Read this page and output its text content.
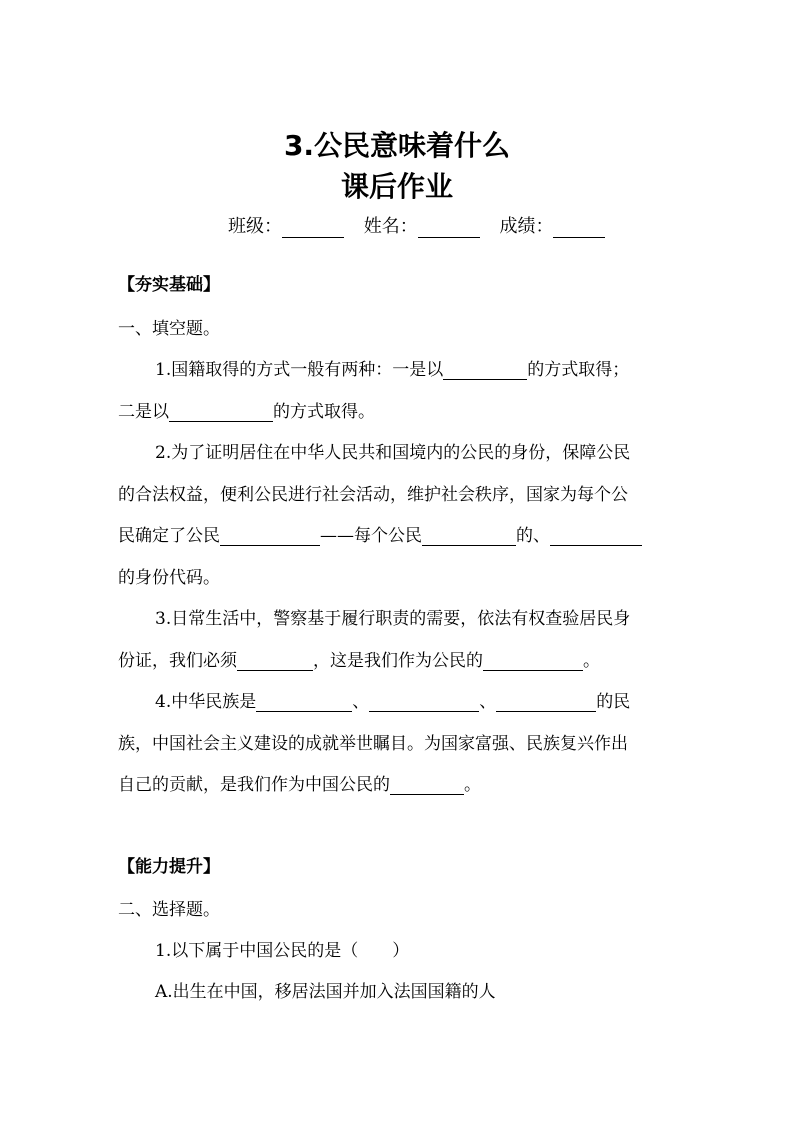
3.公民意味着什么
课后作业
班级：	姓名：	成绩：
【夯实基础】
一、填空题。
1.国籍取得的方式一般有两种：一是以	的方式取得；
二是以	的方式取得。
2.为了证明居住在中华人民共和国境内的公民的身份，保障公民
的合法权益，便利公民进行社会活动，维护社会秩序，国家为每个公
民确定了公民	——每个公民	的、
的身份代码。
3.日常生活中，警察基于履行职责的需要，依法有权查验居民身
份证，我们必须	，这是我们作为公民的	。
4.中华民族是	、	、	的民
族，中国社会主义建设的成就举世瞩目。为国家富强、民族复兴作出
自己的贡献，是我们作为中国公民的	。
【能力提升】
二、选择题。
1.以下属于中国公民的是（　　）
A.出生在中国，移居法国并加入法国国籍的人
